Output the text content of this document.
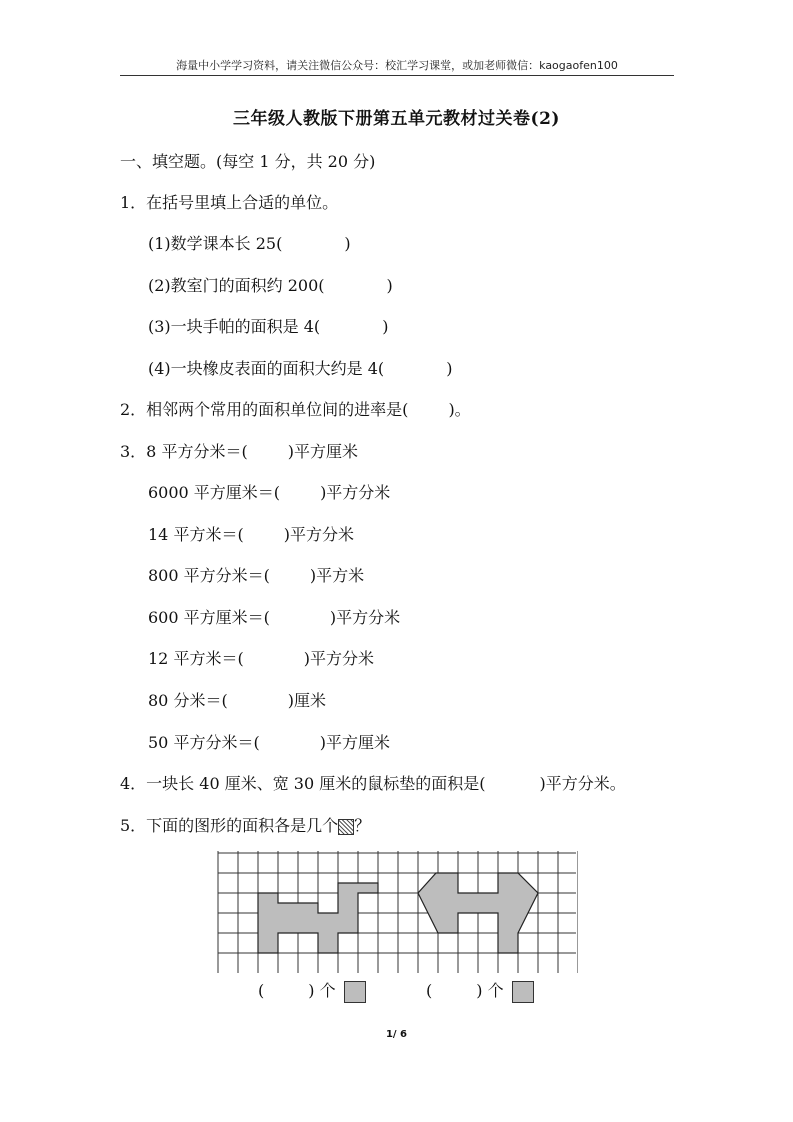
海量中小学学习资料，请关注微信公众号：校汇学习课堂，或加老师微信：kaogaofen100
三年级人教版下册第五单元教材过关卷(2)
一、填空题。(每空 1 分，共 20 分)
1．在括号里填上合适的单位。
(1)数学课本长 25(	)
(2)教室门的面积约 200(	)
(3)一块手帕的面积是 4(	)
(4)一块橡皮表面的面积大约是 4(	)
2．相邻两个常用的面积单位间的进率是(	)。
3．8 平方分米＝(	)平方厘米
6000 平方厘米＝(	)平方分米
14 平方米＝(	)平方分米
800 平方分米＝(	)平方米
600 平方厘米＝(	)平方分米
12 平方米＝(	)平方分米
80 分米＝(	)厘米
50 平方分米＝(	)平方厘米
4．一块长 40 厘米、宽 30 厘米的鼠标垫的面积是(	)平方分米。
5．下面的图形的面积各是几个 ？
(	) 个	(	) 个
1/ 6
